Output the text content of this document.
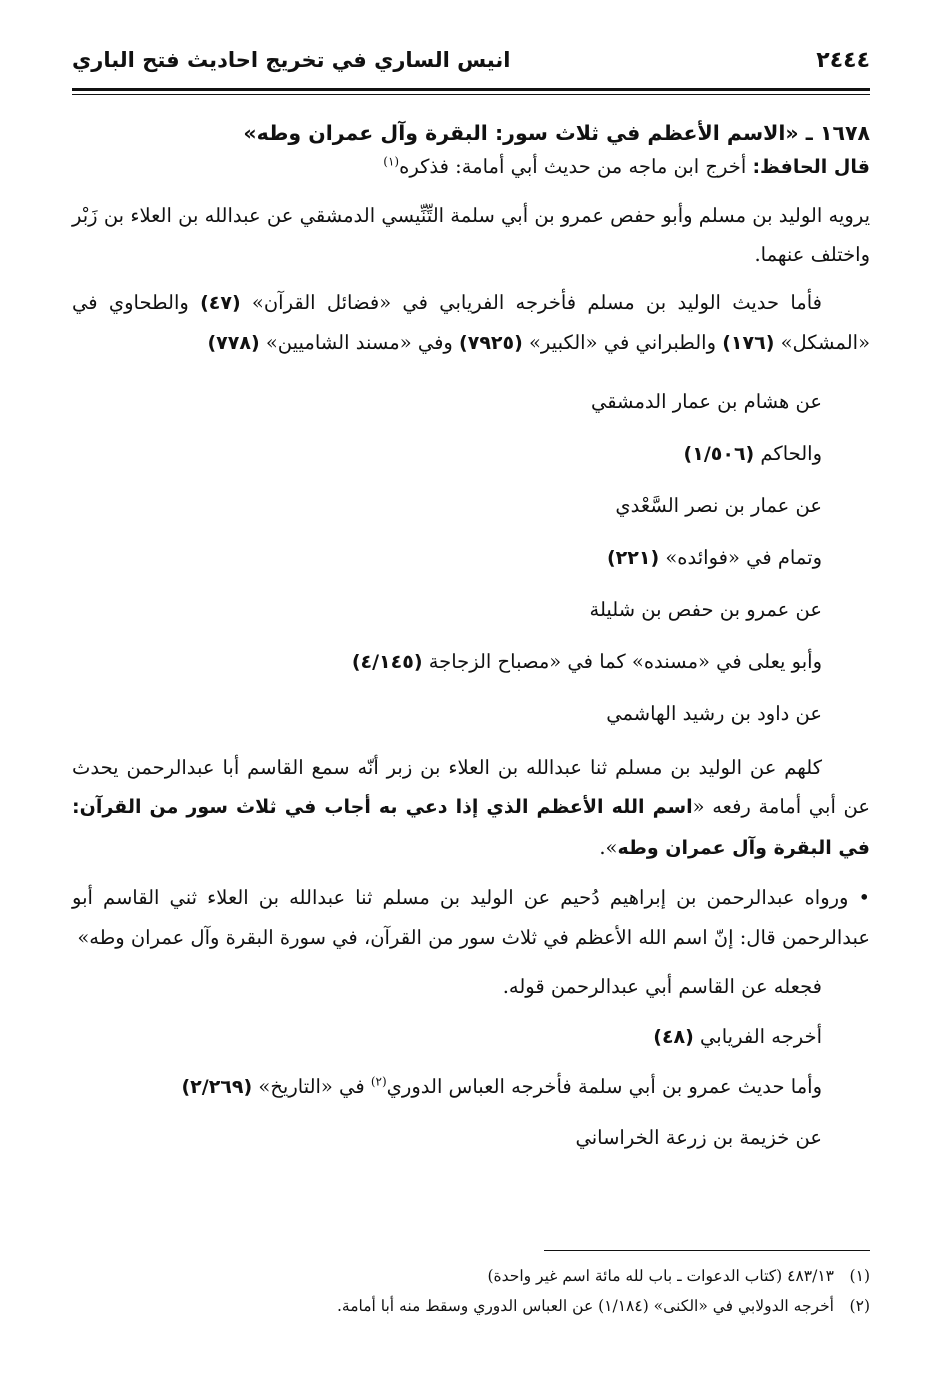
٢٤٤٤
انيس الساري في تخريج احاديث فتح الباري
١٦٧٨ ـ «الاسم الأعظم في ثلاث سور: البقرة وآل عمران وطه»

قال الحافظ: أخرج ابن ماجه من حديث أبي أمامة: فذكره$^{(١)}$

يرويه الوليد بن مسلم وأبو حفص عمرو بن أبي سلمة التِّنِّيسي الدمشقي عن عبدالله بن العلاء بن زَبْر واختلف عنهما.

فأما حديث الوليد بن مسلم فأخرجه الفريابي في «فضائل القرآن» (٤٧) والطحاوي في «المشكل» (١٧٦) والطبراني في «الكبير» (٧٩٢٥) وفي «مسند الشاميين» (٧٧٨)

عن هشام بن عمار الدمشقي

والحاكم (١/٥٠٦)

عن عمار بن نصر السَّعْدي

وتمام في «فوائده» (٢٢١)

عن عمرو بن حفص بن شليلة

وأبو يعلى في «مسنده» كما في «مصباح الزجاجة (٤/١٤٥)

عن داود بن رشيد الهاشمي

كلهم عن الوليد بن مسلم ثنا عبدالله بن العلاء بن زبر أنّه سمع القاسم أبا عبدالرحمن يحدث عن أبي أمامة رفعه «اسم الله الأعظم الذي إذا دعي به أجاب في ثلاث سور من القرآن: في البقرة وآل عمران وطه».

• ورواه عبدالرحمن بن إبراهيم دُحيم عن الوليد بن مسلم ثنا عبدالله بن العلاء ثني القاسم أبو عبدالرحمن قال: إنّ اسم الله الأعظم في ثلاث سور من القرآن، في سورة البقرة وآل عمران وطه»

فجعله عن القاسم أبي عبدالرحمن قوله.

أخرجه الفريابي (٤٨)

وأما حديث عمرو بن أبي سلمة فأخرجه العباس الدوري$^{(٢)}$ في «التاريخ» (٢/٢٦٩)

عن خزيمة بن زرعة الخراساني

(١)
٤٨٣/١٣ (كتاب الدعوات ـ باب لله مائة اسم غير واحدة)
(٢)
أخرجه الدولابي في «الكنى» (١/١٨٤) عن العباس الدوري وسقط منه أبا أمامة.
